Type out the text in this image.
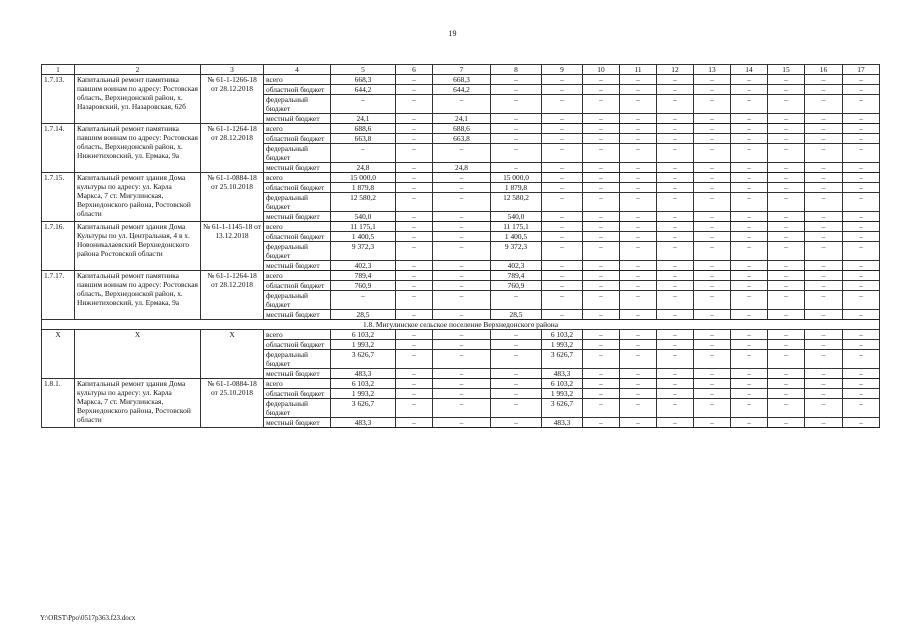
19
1	2	3	4	5	6	7	8	9	10	11	12	13	14	15	16	17
1.7.13.	Капитальный ремонт памятника павшим воинам по адресу: Ростовская область, Верхнедонской район, х. Назаровский, ул. Назаровская, 62б	№ 61-1-1266-18 от 28.12.2018	всего	668,3	–	668,3	–	–	–	–	–	–	–	–	–	–
			областной бюджет	644,2	–	644,2	–	–	–	–	–	–	–	–	–	–
			федеральный бюджет	–	–	–	–	–	–	–	–	–	–	–	–	–
			местный бюджет	24,1	–	24,1	–	–	–	–	–	–	–	–	–	–
1.7.14.	Капитальный ремонт памятника павшим воинам по адресу: Ростовская область, Верхнедонской район, х. Нижнетиховский, ул. Ермака, 9а	№ 61-1-1264-18 от 28.12.2018	всего	688,6	–	688,6	–	–	–	–	–	–	–	–	–	–
			областной бюджет	663,8	–	663,8	–	–	–	–	–	–	–	–	–	–
			федеральный бюджет	–	–	–	–	–	–	–	–	–	–	–	–	–
			местный бюджет	24,8	–	24,8	–	–	–	–	–	–	–	–	–	–
1.7.15.	Капитальный ремонт здания Дома культуры по адресу: ул. Карла Маркса, 7 ст. Мигулинская, Верхнедонского района, Ростовской области	№ 61-1-0884-18 от 25.10.2018	всего	15 000,0	–	–	15 000,0	–	–	–	–	–	–	–	–	–
			областной бюджет	1 879,8	–	–	1 879,8	–	–	–	–	–	–	–	–	–
			федеральный бюджет	12 580,2	–	–	12 580,2	–	–	–	–	–	–	–	–	–
			местный бюджет	540,0	–	–	540,0	–	–	–	–	–	–	–	–	–
1.7.16.	Капитальный ремонт здания Дома Культуры по ул. Центральная, 4 в х. Новоникалаевский Верхнедонского района Ростовской области	№ 61-1-1145-18 от 13.12.2018	всего	11 175,1	–	–	11 175,1	–	–	–	–	–	–	–	–	–
			областной бюджет	1 400,5	–	–	1 400,5	–	–	–	–	–	–	–	–	–
			федеральный бюджет	9 372,3	–	–	9 372,3	–	–	–	–	–	–	–	–	–
			местный бюджет	402,3	–	–	402,3	–	–	–	–	–	–	–	–	–
1.7.17.	Капитальный ремонт памятника павшим воинам по адресу: Ростовская область, Верхнедонской район, х. Нижнетиховский, ул. Ермака, 9а	№ 61-1-1264-18 от 28.12.2018	всего	789,4	–	–	789,4	–	–	–	–	–	–	–	–	–
			областной бюджет	760,9	–	–	760,9	–	–	–	–	–	–	–	–	–
			федеральный бюджет	–	–	–	–	–	–	–	–	–	–	–	–	–
			местный бюджет	28,5	–	–	28,5	–	–	–	–	–	–	–	–	–
1.8. Мигулинское сельское поселение Верхнедонского района																
Х	Х	Х	всего	6 103,2	–	–	–	6 103,2	–	–	–	–	–	–	–	–
			областной бюджет	1 993,2	–	–	–	1 993,2	–	–	–	–	–	–	–	–
			федеральный бюджет	3 626,7	–	–	–	3 626,7	–	–	–	–	–	–	–	–
			местный бюджет	483,3	–	–	–	483,3	–	–	–	–	–	–	–	–
1.8.1.	Капитальный ремонт здания Дома культуры по адресу: ул. Карла Маркса, 7 ст. Мигулинская, Верхнедонского района, Ростовской области	№ 61-1-0884-18 от 25.10.2018	всего	6 103,2	–	–	–	6 103,2	–	–	–	–	–	–	–	–
			областной бюджет	1 993,2	–	–	–	1 993,2	–	–	–	–	–	–	–	–
			федеральный бюджет	3 626,7	–	–	–	3 626,7	–	–	–	–	–	–	–	–
			местный бюджет	483,3	–	–	–	483,3	–	–	–	–	–	–	–	–
Y:\ORST\Ppo\0517p363.f23.docx
